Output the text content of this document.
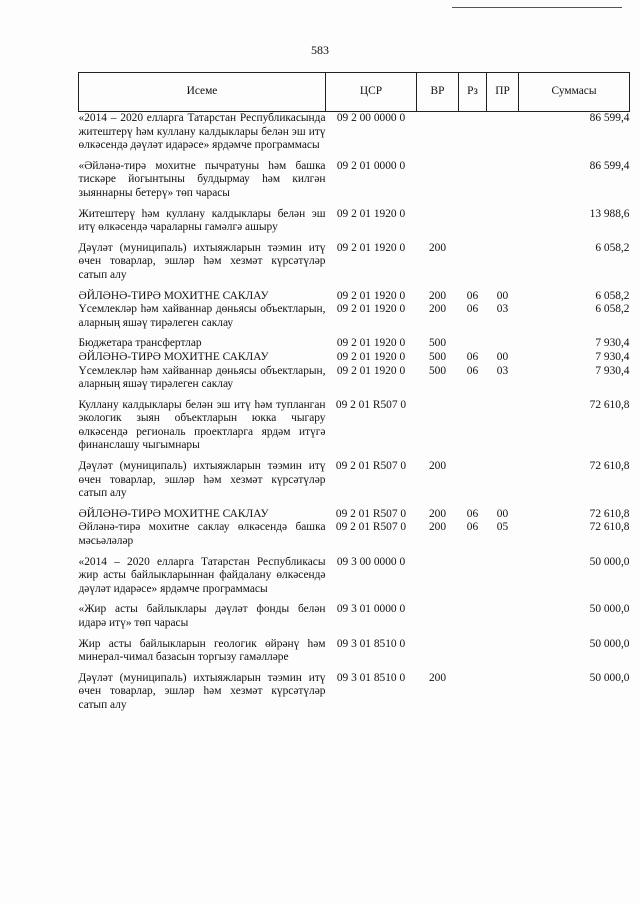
583
Исеме	ЦСР	ВР	Рз	ПР	Суммасы
«2014 – 2020 елларга Татарстан Республикасында житештерү һәм куллану калдыклары белән эш итү өлкәсендә дәүләт идарәсе» ярдәмче программасы	09 2 00 0000 0				86 599,4
«Әйләнә-тирә мохитне пычратуны һәм башка тискәре йогынтыны булдырмау һәм килгән зыяннарны бетерү» төп чарасы	09 2 01 0000 0				86 599,4
Житештерү һәм куллану калдыклары белән эш итү өлкәсендә чараларны гамәлгә ашыру	09 2 01 1920 0				13 988,6
Дәүләт (муниципаль) ихтыяжларын тәэмин итү өчен товарлар, эшләр һәм хезмәт күрсәтүләр сатып алу	09 2 01 1920 0	200			6 058,2
ӘЙЛӘНӘ-ТИРӘ МОХИТНЕ САКЛАУ	09 2 01 1920 0	200	06	00	6 058,2
Үсемлекләр һәм хайваннар дөньясы объектларын, аларның яшәү тирәлеген саклау	09 2 01 1920 0	200	06	03	6 058,2
Бюджетара трансфертлар	09 2 01 1920 0	500			7 930,4
ӘЙЛӘНӘ-ТИРӘ МОХИТНЕ САКЛАУ	09 2 01 1920 0	500	06	00	7 930,4
Үсемлекләр һәм хайваннар дөньясы объектларын, аларның яшәү тирәлеген саклау	09 2 01 1920 0	500	06	03	7 930,4
Куллану калдыклары белән эш итү һәм тупланган экологик зыян объектларын юкка чыгару өлкәсендә региональ проектларга ярдәм итүгә финанслашу чыгымнары	09 2 01 R507 0				72 610,8
Дәүләт (муниципаль) ихтыяжларын тәэмин итү өчен товарлар, эшләр һәм хезмәт күрсәтүләр сатып алу	09 2 01 R507 0	200			72 610,8
ӘЙЛӘНӘ-ТИРӘ МОХИТНЕ САКЛАУ	09 2 01 R507 0	200	06	00	72 610,8
Әйләнә-тирә мохитне саклау өлкәсендә башка мәсьәләләр	09 2 01 R507 0	200	06	05	72 610,8
«2014 – 2020 елларга Татарстан Республикасы жир асты байлыкларыннан файдалану өлкәсендә дәүләт идарәсе» ярдәмче программасы	09 3 00 0000 0				50 000,0
«Жир асты байлыклары дәүләт фонды белән идарә итү» төп чарасы	09 3 01 0000 0				50 000,0
Жир асты байлыкларын геологик өйрәнү һәм минерал-чимал базасын торгызу гамәлләре	09 3 01 8510 0				50 000,0
Дәүләт (муниципаль) ихтыяжларын тәэмин итү өчен товарлар, эшләр һәм хезмәт күрсәтүләр сатып алу	09 3 01 8510 0	200			50 000,0
